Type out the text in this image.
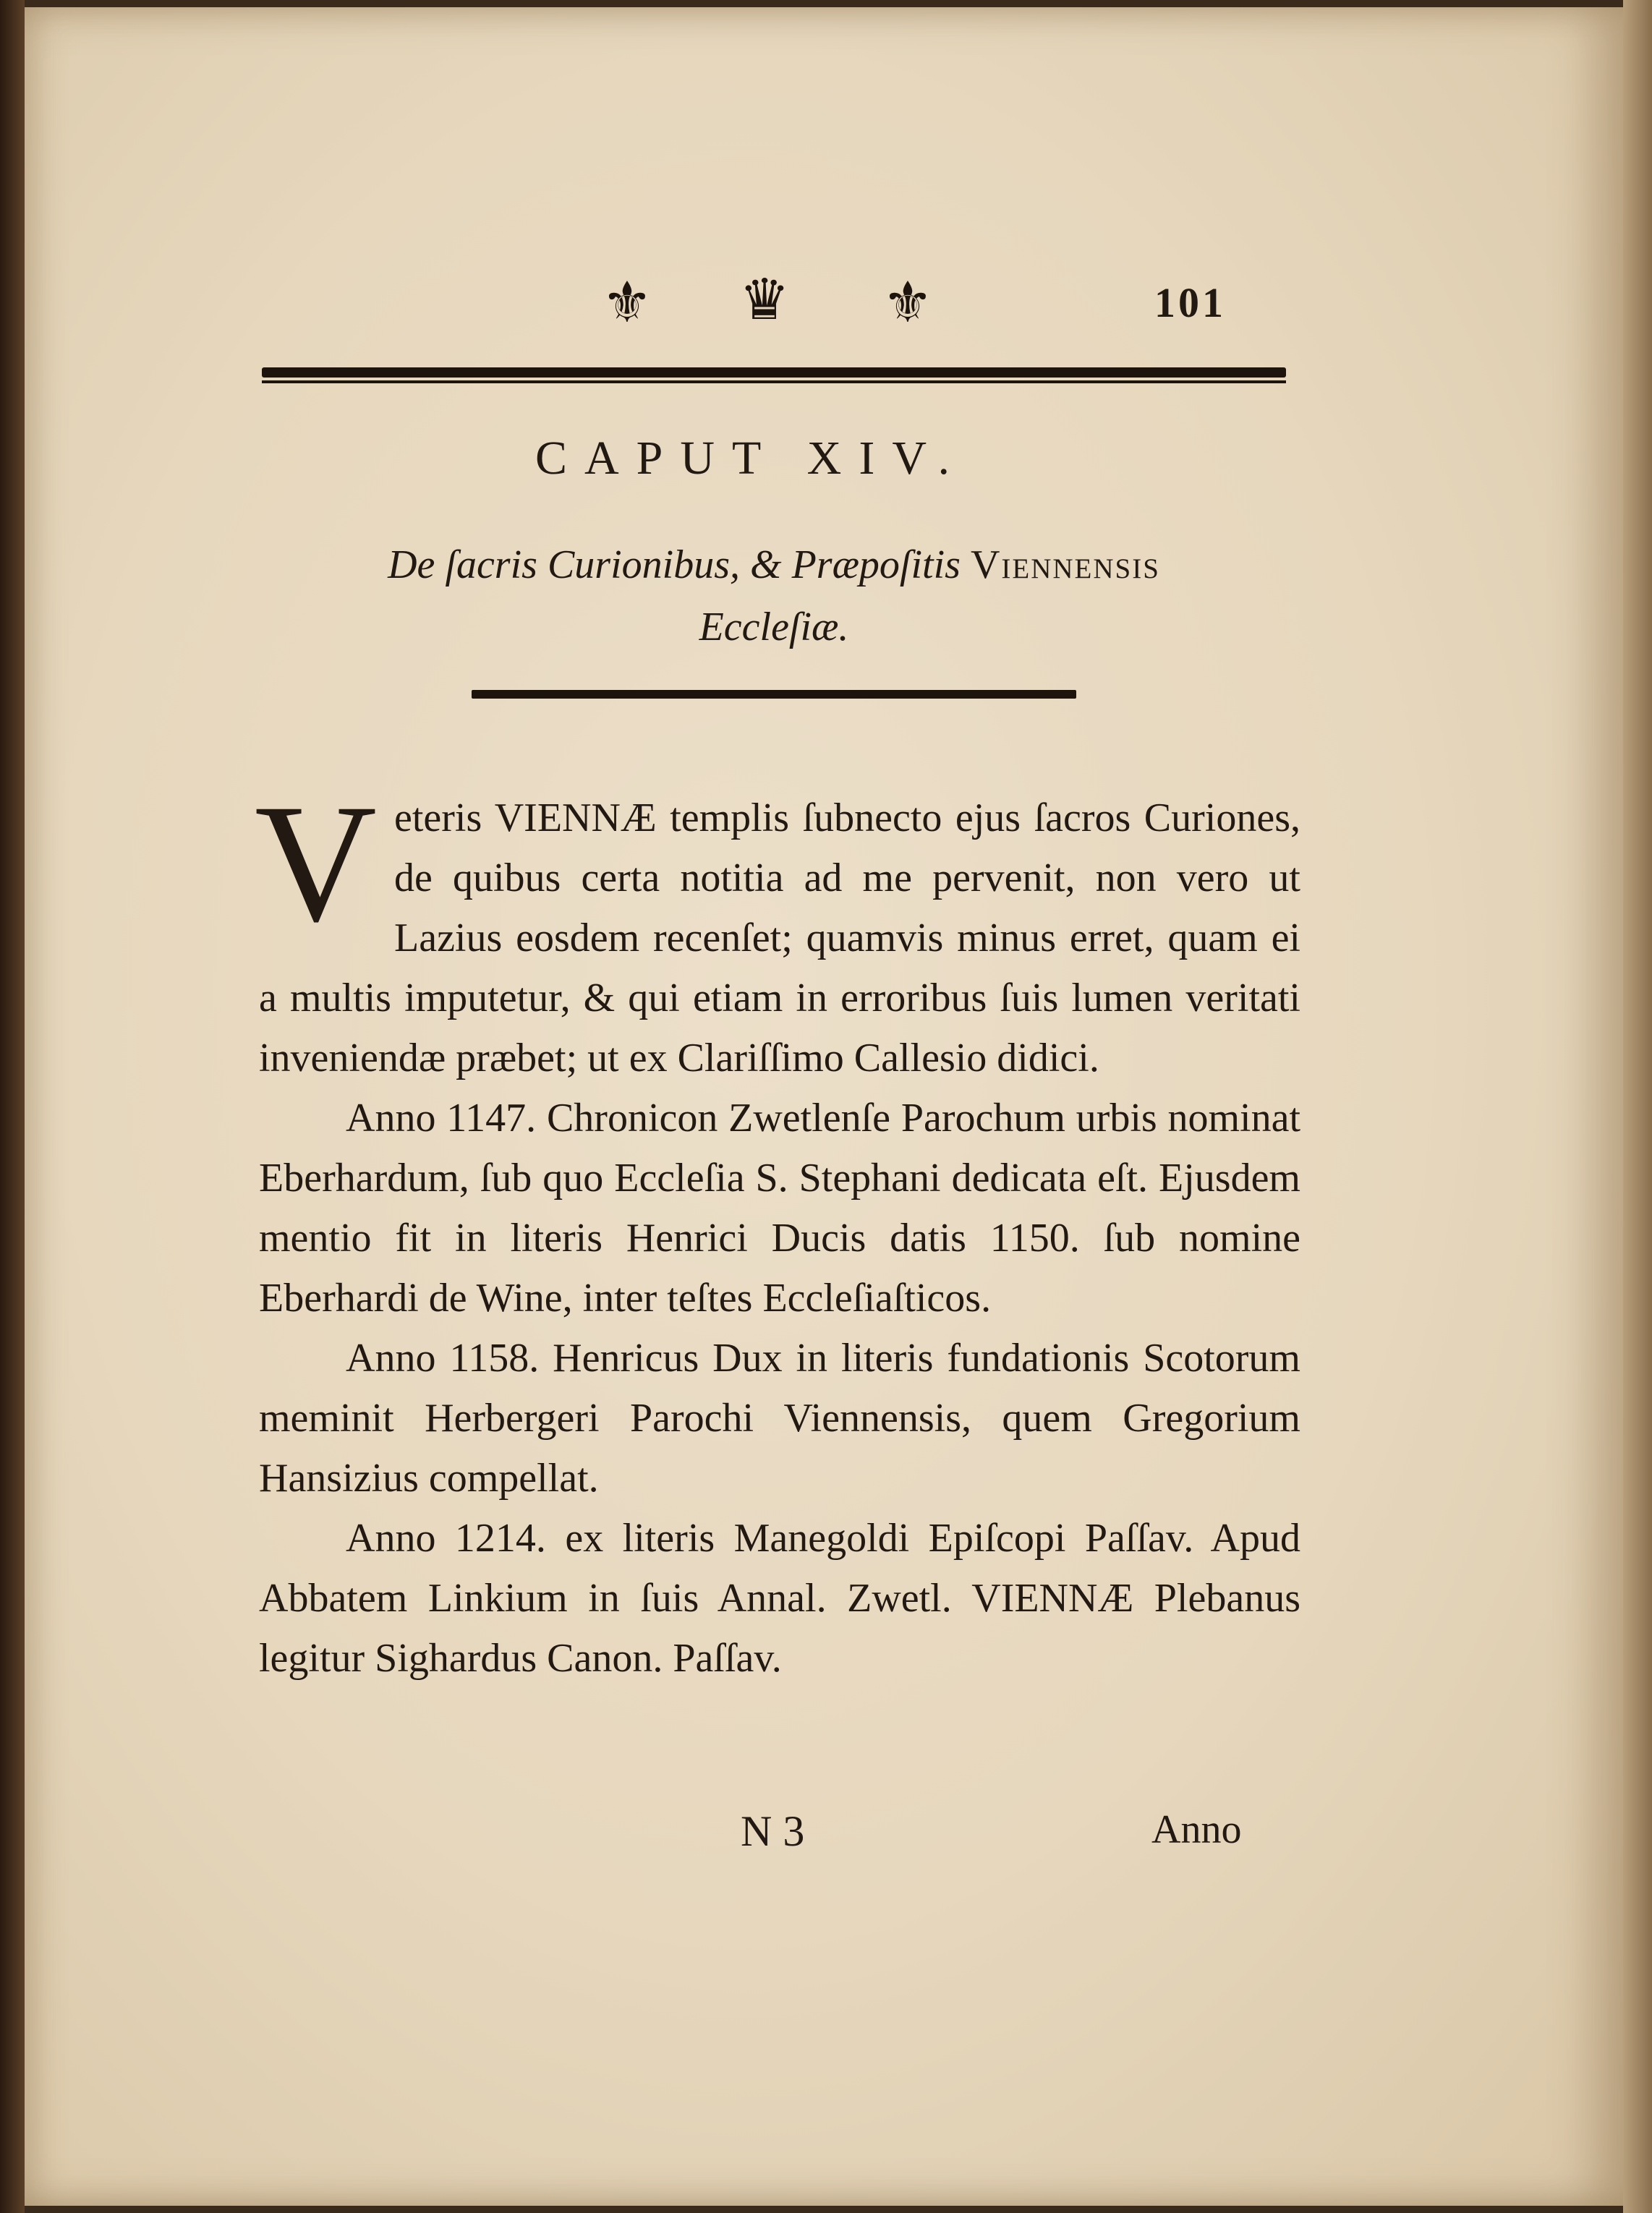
⚜ ♛ ⚜	101
CAPUT XIV.
De ſacris Curionibus, & Præpoſitis Viennensis
Eccleſiæ.

V eteris VIENNÆ templis ſubnecto ejus ſacros Curiones, de quibus certa notitia ad me pervenit, non vero ut Lazius eosdem recenſet; quamvis minus erret, quam ei a multis imputetur, & qui etiam in erroribus ſuis lumen veritati inveniendæ præbet; ut ex Clariſſimo Callesio didici.

Anno 1147. Chronicon Zwetlenſe Parochum urbis nominat Eberhardum, ſub quo Eccleſia S. Stephani dedicata eſt. Ejusdem mentio fit in literis Henrici Ducis datis 1150. ſub nomine Eberhardi de Wine, inter teſtes Eccleſiaſticos.

Anno 1158. Henricus Dux in literis fundationis Scotorum meminit Herbergeri Parochi Viennensis, quem Gregorium Hansizius compellat.

Anno 1214. ex literis Manegoldi Epiſcopi Paſſav. Apud Abbatem Linkium in ſuis Annal. Zwetl. VIENNÆ Plebanus legitur Sighardus Canon. Paſſav.

N 3	Anno
